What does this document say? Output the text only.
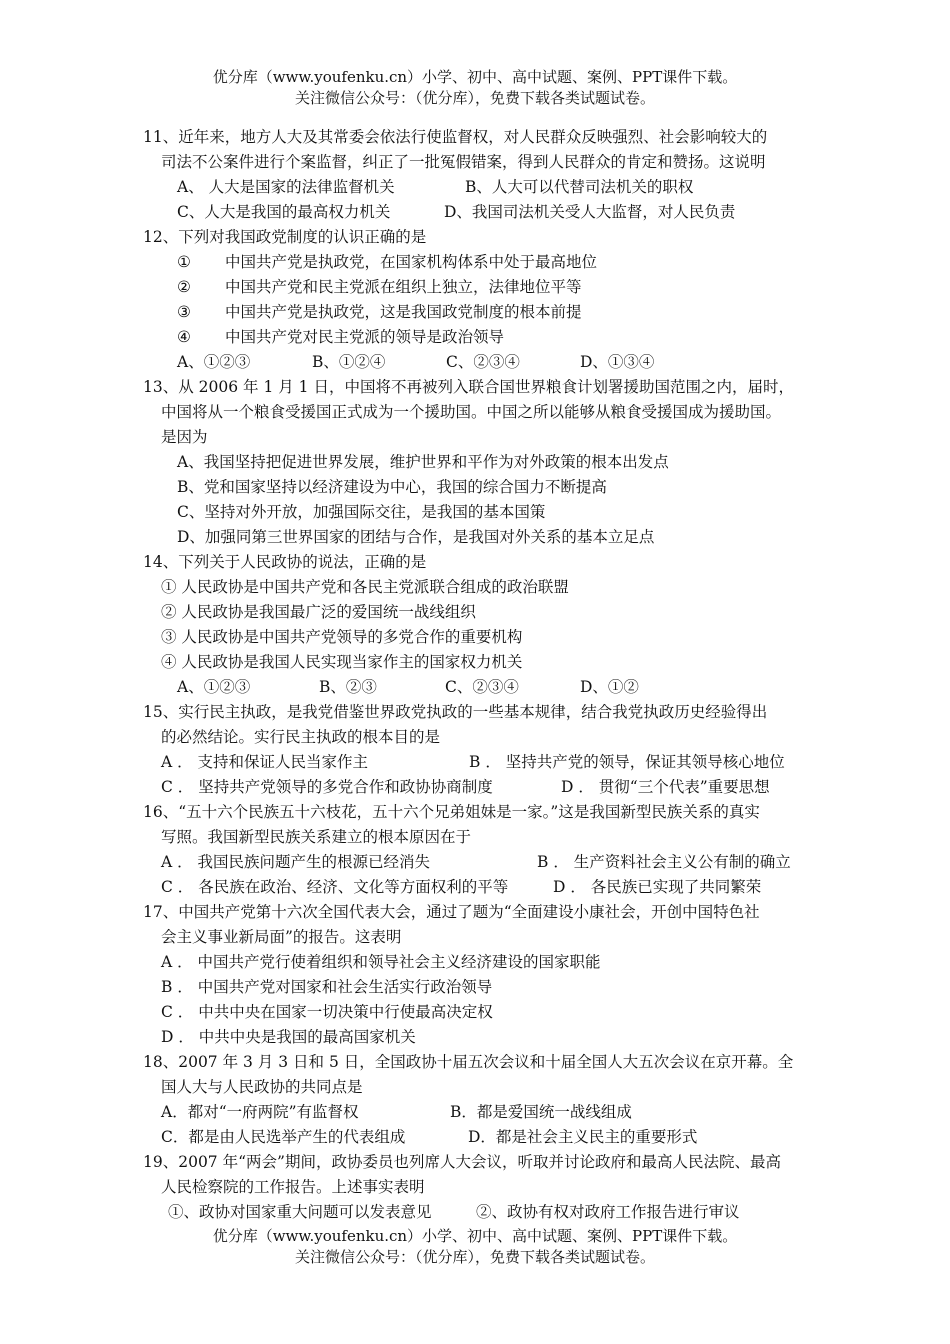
优分库（www.youfenku.cn）小学、初中、高中试题、案例、PPT课件下载。
关注微信公众号：（优分库），免费下载各类试题试卷。
11、近年来，地方人大及其常委会依法行使监督权，对人民群众反映强烈、社会影响较大的
司法不公案件进行个案监督，纠正了一批冤假错案，得到人民群众的肯定和赞扬。这说明
A、 人大是国家的法律监督机关	B、人大可以代替司法机关的职权
C、人大是我国的最高权力机关	D、我国司法机关受人大监督，对人民负责
12、下列对我国政党制度的认识正确的是
① 中国共产党是执政党，在国家机构体系中处于最高地位
② 中国共产党和民主党派在组织上独立，法律地位平等
③ 中国共产党是执政党，这是我国政党制度的根本前提
④ 中国共产党对民主党派的领导是政治领导
A、①②③	B、①②④	C、②③④	D、①③④
13、从 2006 年 1 月 1 日，中国将不再被列入联合国世界粮食计划署援助国范围之内，届时，
中国将从一个粮食受援国正式成为一个援助国。中国之所以能够从粮食受援国成为援助国。
是因为
A、我国坚持把促进世界发展，维护世界和平作为对外政策的根本出发点
B、党和国家坚持以经济建设为中心，我国的综合国力不断提高
C、坚持对外开放，加强国际交往，是我国的基本国策
D、加强同第三世界国家的团结与合作，是我国对外关系的基本立足点
14、下列关于人民政协的说法，正确的是
① 人民政协是中国共产党和各民主党派联合组成的政治联盟
② 人民政协是我国最广泛的爱国统一战线组织
③ 人民政协是中国共产党领导的多党合作的重要机构
④ 人民政协是我国人民实现当家作主的国家权力机关
A、①②③	B、②③	C、②③④	D、①②
15、实行民主执政，是我党借鉴世界政党执政的一些基本规律，结合我党执政历史经验得出
的必然结论。实行民主执政的根本目的是
A ． 支持和保证人民当家作主	B ． 坚持共产党的领导，保证其领导核心地位
C ． 坚持共产党领导的多党合作和政协协商制度	D ． 贯彻“三个代表”重要思想
16、“五十六个民族五十六枝花，五十六个兄弟姐妹是一家。”这是我国新型民族关系的真实
写照。我国新型民族关系建立的根本原因在于
A ． 我国民族问题产生的根源已经消失	B ． 生产资料社会主义公有制的确立
C ． 各民族在政治、经济、文化等方面权利的平等	D ． 各民族已实现了共同繁荣
17、中国共产党第十六次全国代表大会，通过了题为“全面建设小康社会，开创中国特色社
会主义事业新局面”的报告。这表明
A ． 中国共产党行使着组织和领导社会主义经济建设的国家职能
B ． 中国共产党对国家和社会生活实行政治领导
C ． 中共中央在国家一切决策中行使最高决定权
D ． 中共中央是我国的最高国家机关
18、2007 年 3 月 3 日和 5 日，全国政协十届五次会议和十届全国人大五次会议在京开幕。全
国人大与人民政协的共同点是
A．都对“一府两院”有监督权	B．都是爱国统一战线组成
C．都是由人民选举产生的代表组成	D．都是社会主义民主的重要形式
19、2007 年“两会”期间，政协委员也列席人大会议，听取并讨论政府和最高人民法院、最高
人民检察院的工作报告。上述事实表明
①、政协对国家重大问题可以发表意见	②、政协有权对政府工作报告进行审议
优分库（www.youfenku.cn）小学、初中、高中试题、案例、PPT课件下载。
关注微信公众号：（优分库），免费下载各类试题试卷。
